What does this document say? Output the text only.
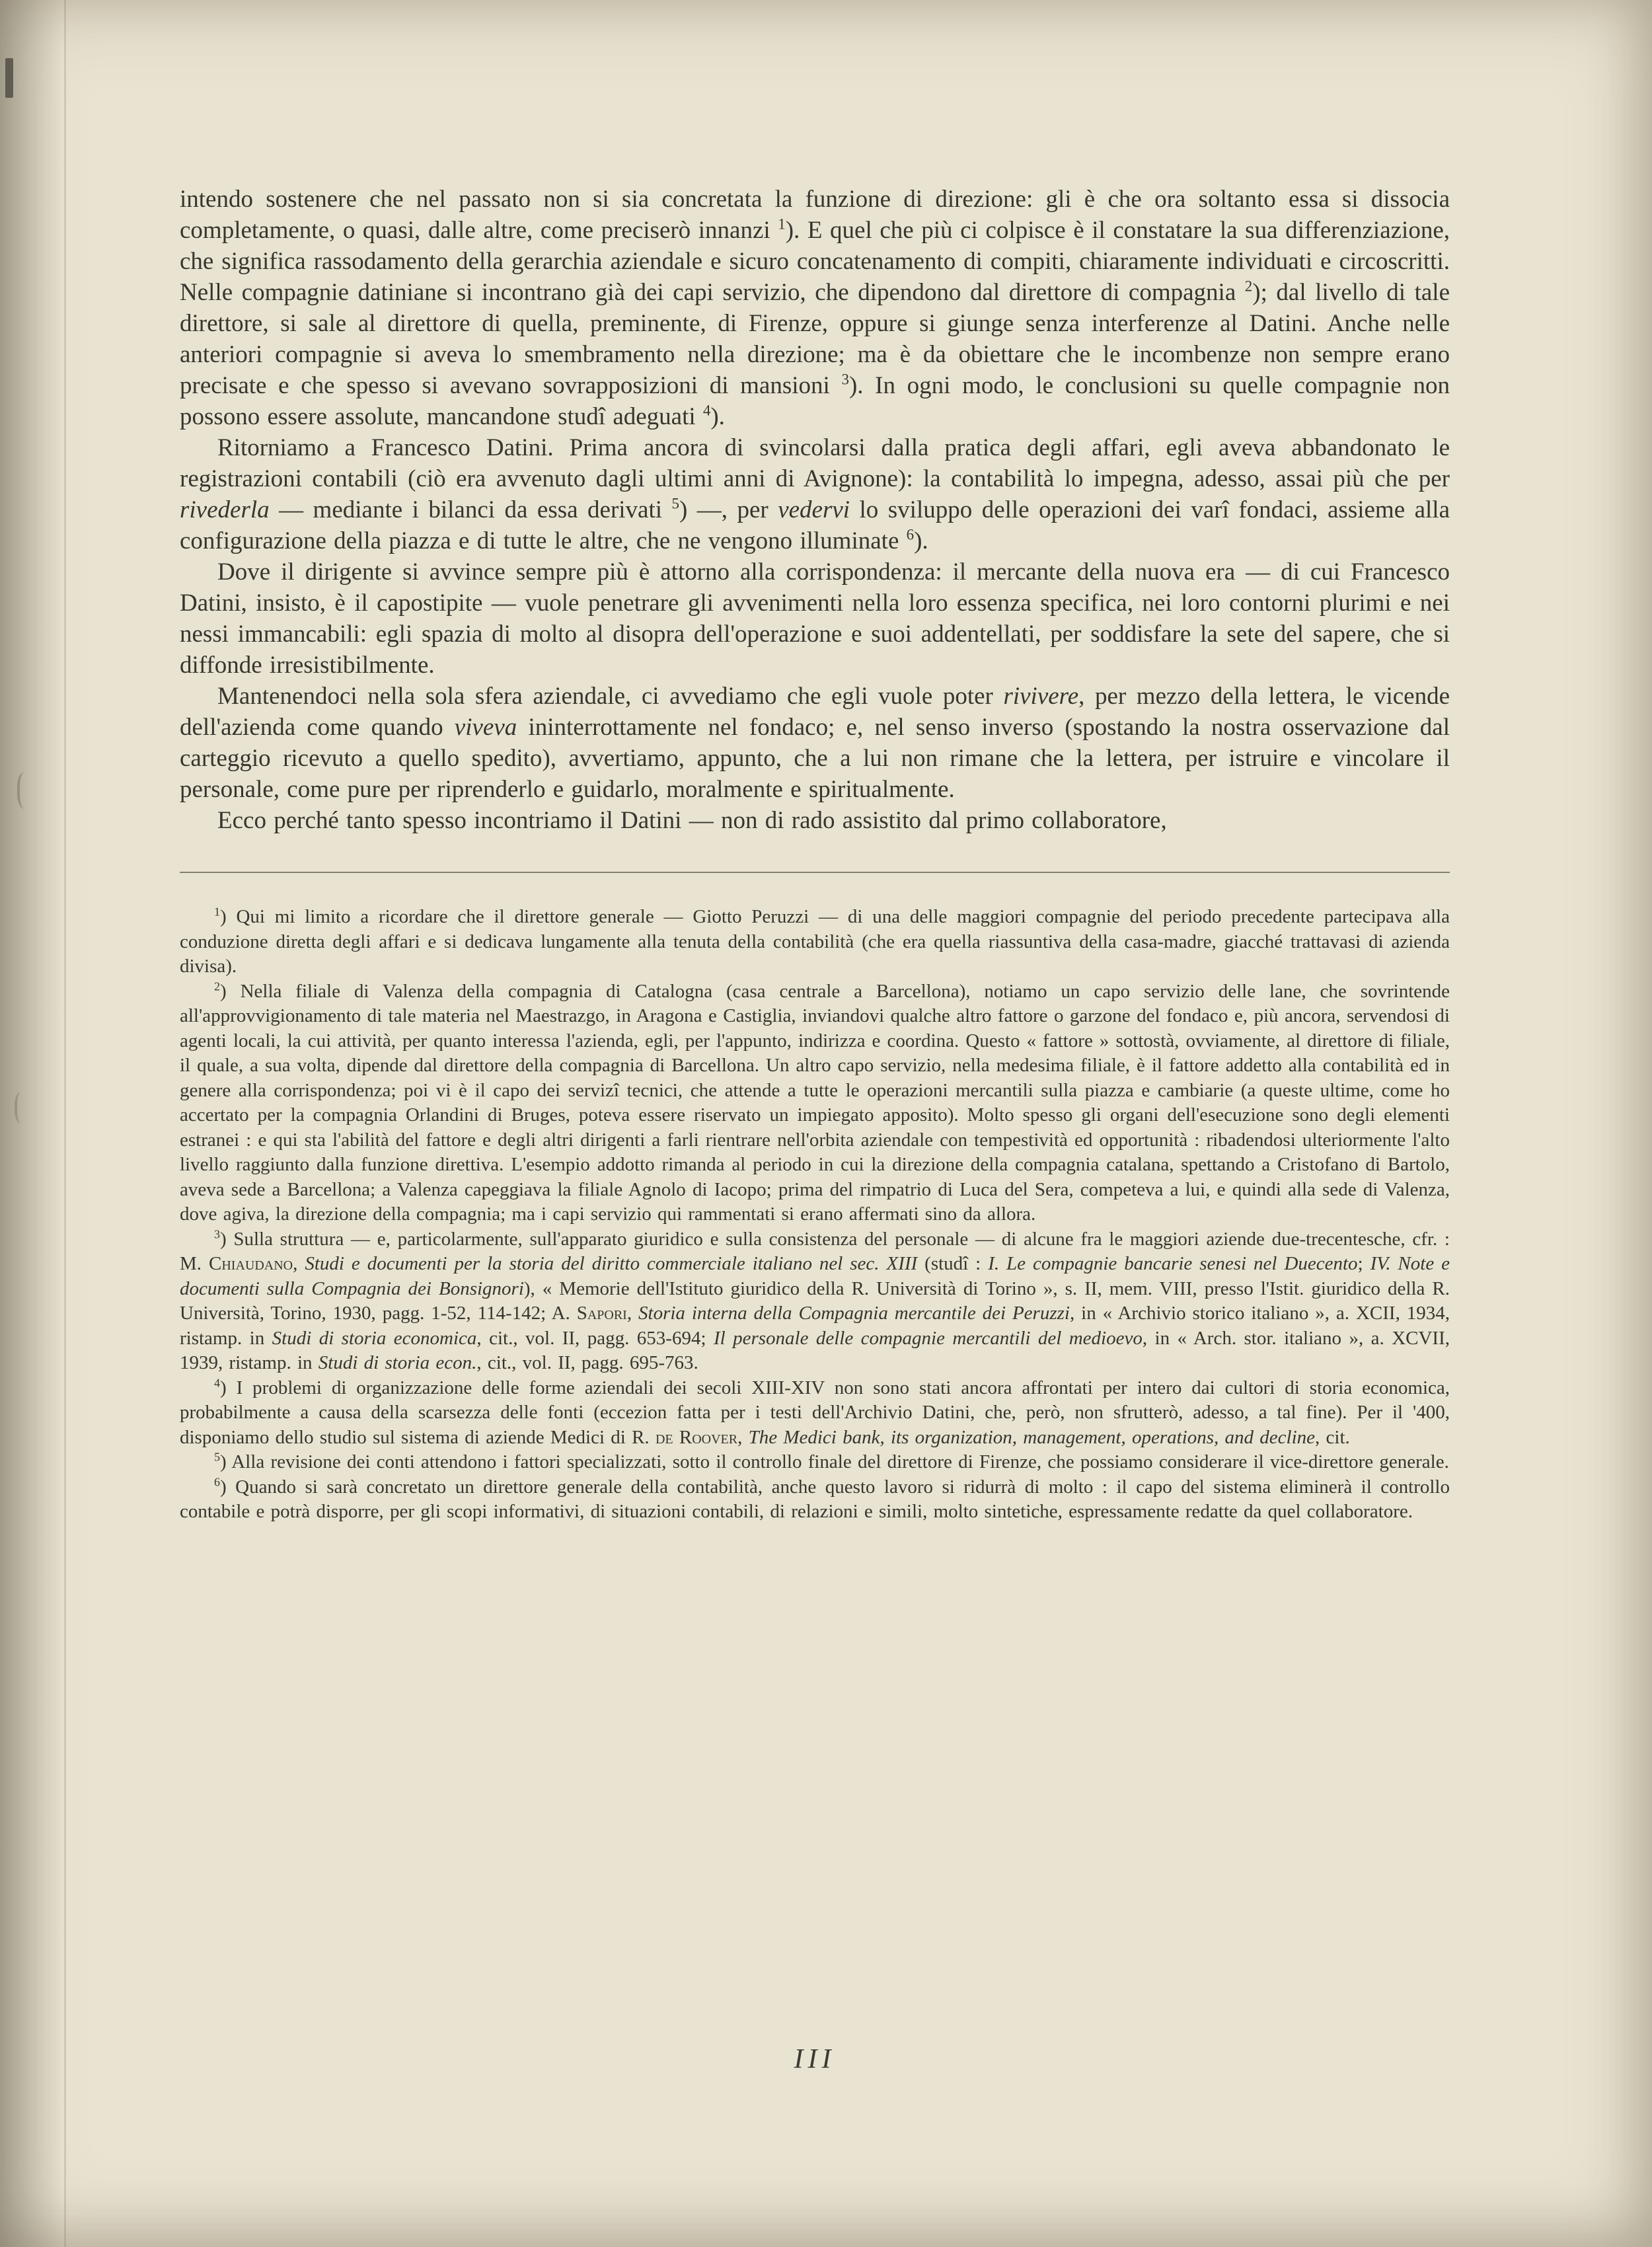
intendo sostenere che nel passato non si sia concretata la funzione di direzione: gli è che ora soltanto essa si dissocia completamente, o quasi, dalle altre, come preciserò innanzi $^1$). E quel che più ci colpisce è il constatare la sua differenziazione, che significa rassodamento della gerarchia aziendale e sicuro concatenamento di compiti, chiaramente individuati e circoscritti. Nelle compagnie datiniane si incontrano già dei capi servizio, che dipendono dal direttore di compagnia $^2$); dal livello di tale direttore, si sale al direttore di quella, preminente, di Firenze, oppure si giunge senza interferenze al Datini. Anche nelle anteriori compagnie si aveva lo smembramento nella direzione; ma è da obiettare che le incombenze non sempre erano precisate e che spesso si avevano sovrapposizioni di mansioni $^3$). In ogni modo, le conclusioni su quelle compagnie non possono essere assolute, mancandone studî adeguati $^4$).

Ritorniamo a Francesco Datini. Prima ancora di svincolarsi dalla pratica degli affari, egli aveva abbandonato le registrazioni contabili (ciò era avvenuto dagli ultimi anni di Avignone): la contabilità lo impegna, adesso, assai più che per rivederla — mediante i bilanci da essa derivati $^5$) —, per vedervi lo sviluppo delle operazioni dei varî fondaci, assieme alla configurazione della piazza e di tutte le altre, che ne vengono illuminate $^6$).

Dove il dirigente si avvince sempre più è attorno alla corrispondenza: il mercante della nuova era — di cui Francesco Datini, insisto, è il capostipite — vuole penetrare gli avvenimenti nella loro essenza specifica, nei loro contorni plurimi e nei nessi immancabili: egli spazia di molto al disopra dell'operazione e suoi addentellati, per soddisfare la sete del sapere, che si diffonde irresistibilmente.

Mantenendoci nella sola sfera aziendale, ci avvediamo che egli vuole poter rivivere, per mezzo della lettera, le vicende dell'azienda come quando viveva ininterrottamente nel fondaco; e, nel senso inverso (spostando la nostra osservazione dal carteggio ricevuto a quello spedito), avvertiamo, appunto, che a lui non rimane che la lettera, per istruire e vincolare il personale, come pure per riprenderlo e guidarlo, moralmente e spiritualmente.

Ecco perché tanto spesso incontriamo il Datini — non di rado assistito dal primo collaboratore,

$^1$) Qui mi limito a ricordare che il direttore generale — Giotto Peruzzi — di una delle maggiori compagnie del periodo precedente partecipava alla conduzione diretta degli affari e si dedicava lungamente alla tenuta della contabilità (che era quella riassuntiva della casa-madre, giacché trattavasi di azienda divisa).

$^2$) Nella filiale di Valenza della compagnia di Catalogna (casa centrale a Barcellona), notiamo un capo servizio delle lane, che sovrintende all'approvvigionamento di tale materia nel Maestrazgo, in Aragona e Castiglia, inviandovi qualche altro fattore o garzone del fondaco e, più ancora, servendosi di agenti locali, la cui attività, per quanto interessa l'azienda, egli, per l'appunto, indirizza e coordina. Questo « fattore » sottostà, ovviamente, al direttore di filiale, il quale, a sua volta, dipende dal direttore della compagnia di Barcellona. Un altro capo servizio, nella medesima filiale, è il fattore addetto alla contabilità ed in genere alla corrispondenza; poi vi è il capo dei servizî tecnici, che attende a tutte le operazioni mercantili sulla piazza e cambiarie (a queste ultime, come ho accertato per la compagnia Orlandini di Bruges, poteva essere riservato un impiegato apposito). Molto spesso gli organi dell'esecuzione sono degli elementi estranei : e qui sta l'abilità del fattore e degli altri dirigenti a farli rientrare nell'orbita aziendale con tempestività ed opportunità : ribadendosi ulteriormente l'alto livello raggiunto dalla funzione direttiva. L'esempio addotto rimanda al periodo in cui la direzione della compagnia catalana, spettando a Cristofano di Bartolo, aveva sede a Barcellona; a Valenza capeggiava la filiale Agnolo di Iacopo; prima del rimpatrio di Luca del Sera, competeva a lui, e quindi alla sede di Valenza, dove agiva, la direzione della compagnia; ma i capi servizio qui rammentati si erano affermati sino da allora.

$^3$) Sulla struttura — e, particolarmente, sull'apparato giuridico e sulla consistenza del personale — di alcune fra le maggiori aziende due-trecentesche, cfr. : M. Chiaudano, Studi e documenti per la storia del diritto commerciale italiano nel sec. XIII (studî : I. Le compagnie bancarie senesi nel Duecento; IV. Note e documenti sulla Compagnia dei Bonsignori), « Memorie dell'Istituto giuridico della R. Università di Torino », s. II, mem. VIII, presso l'Istit. giuridico della R. Università, Torino, 1930, pagg. 1-52, 114-142; A. Sapori, Storia interna della Compagnia mercantile dei Peruzzi, in « Archivio storico italiano », a. XCII, 1934, ristamp. in Studi di storia economica, cit., vol. II, pagg. 653-694; Il personale delle compagnie mercantili del medioevo, in « Arch. stor. italiano », a. XCVII, 1939, ristamp. in Studi di storia econ., cit., vol. II, pagg. 695-763.

$^4$) I problemi di organizzazione delle forme aziendali dei secoli XIII-XIV non sono stati ancora affrontati per intero dai cultori di storia economica, probabilmente a causa della scarsezza delle fonti (eccezion fatta per i testi dell'Archivio Datini, che, però, non sfrutterò, adesso, a tal fine). Per il '400, disponiamo dello studio sul sistema di aziende Medici di R. de Roover, The Medici bank, its organization, management, operations, and decline, cit.

$^5$) Alla revisione dei conti attendono i fattori specializzati, sotto il controllo finale del direttore di Firenze, che possiamo considerare il vice-direttore generale.

$^6$) Quando si sarà concretato un direttore generale della contabilità, anche questo lavoro si ridurrà di molto : il capo del sistema eliminerà il controllo contabile e potrà disporre, per gli scopi informativi, di situazioni contabili, di relazioni e simili, molto sintetiche, espressamente redatte da quel collaboratore.

III
